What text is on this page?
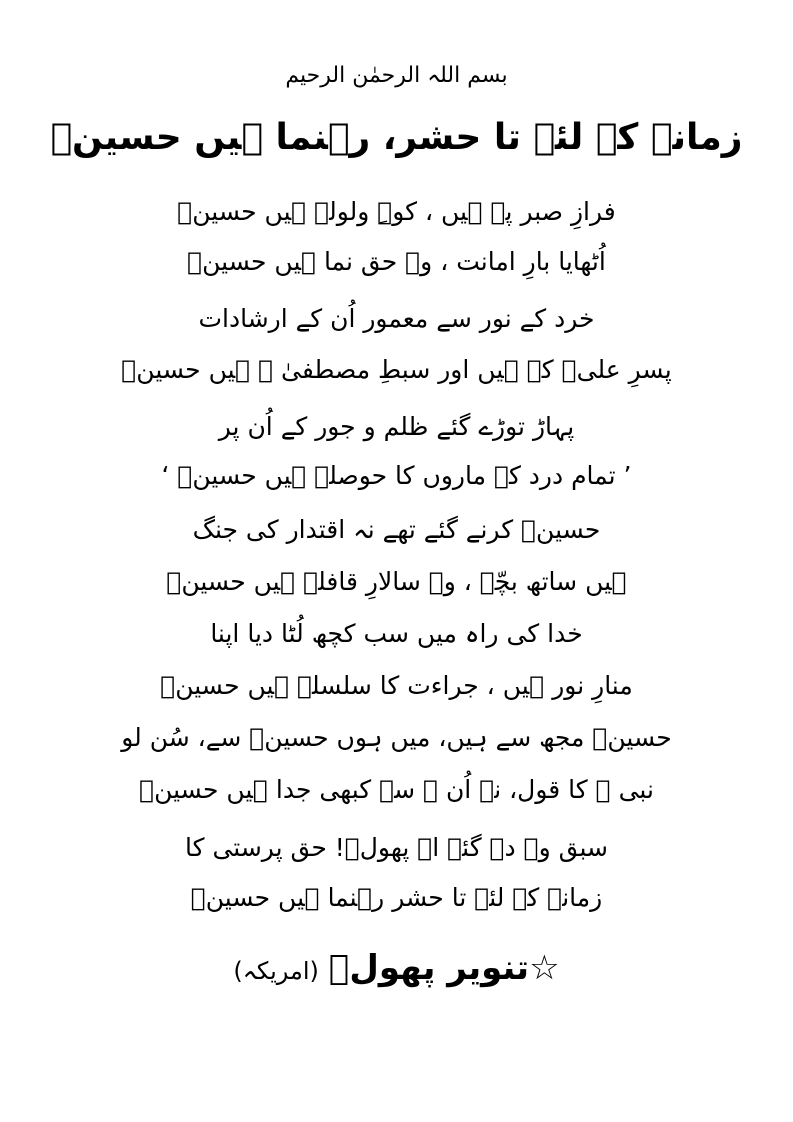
بسم اللہ الرحمٰن الرحیم
زمانے کے لئے تا حشر، رہنما ہیں حسینؑ
فرازِ صبر پہ ہیں ، کوہِ ولولہ ہیں حسینؑ
اُٹھایا بارِ امانت ، وہ حق نما ہیں حسینؑ
خرد کے نور سے معمور اُن کے ارشادات
پسرِ علیؑ کے ہیں اور سبطِ مصطفیٰ ﷺ ہیں حسینؑ
پہاڑ توڑے گئے ظلم و جور کے اُن پر
’ تمام درد کے ماروں کا حوصلہ ہیں حسینؑ ‘
حسینؑ کرنے گئے تھے نہ اقتدار کی جنگ
ہیں ساتھ بچّے ، وہ سالارِ قافلہ ہیں حسینؑ
خدا کی راہ میں سب کچھ لُٹا دیا اپنا
منارِ نور ہیں ، جراءت کا سلسلہ ہیں حسینؑ
حسینؑ مجھ سے ہیں، میں ہوں حسینؑ سے، سُن لو
نبی ﷺ کا قول، نہ اُن ﷺ سے کبھی جدا ہیں حسینؑ
سبق وہ دے گئے اے پھولؔ! حق پرستی کا
زمانے کے لئے تا حشر رہنما ہیں حسینؑ
☆تنویر پھولؔ(امریکہ)
